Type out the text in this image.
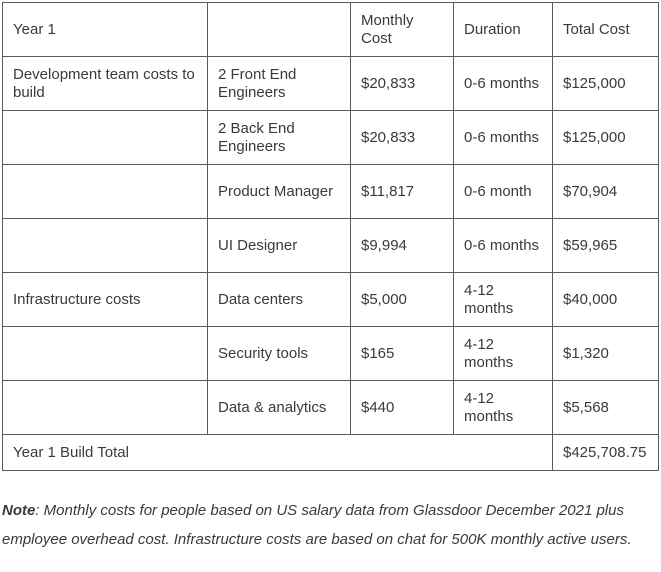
Year 1		Monthly Cost	Duration	Total Cost
Development team costs to build	2 Front End Engineers	$20,833	0-6 months	$125,000
	2 Back End Engineers	$20,833	0-6 months	$125,000
	Product Manager	$11,817	0-6 month	$70,904
	UI Designer	$9,994	0-6 months	$59,965
Infrastructure costs	Data centers	$5,000	4-12 months	$40,000
	Security tools	$165	4-12 months	$1,320
	Data & analytics	$440	4-12 months	$5,568
Year 1 Build Total				$425,708.75

Note: Monthly costs for people based on US salary data from Glassdoor December 2021 plus employee overhead cost. Infrastructure costs are based on chat for 500K monthly active users.
